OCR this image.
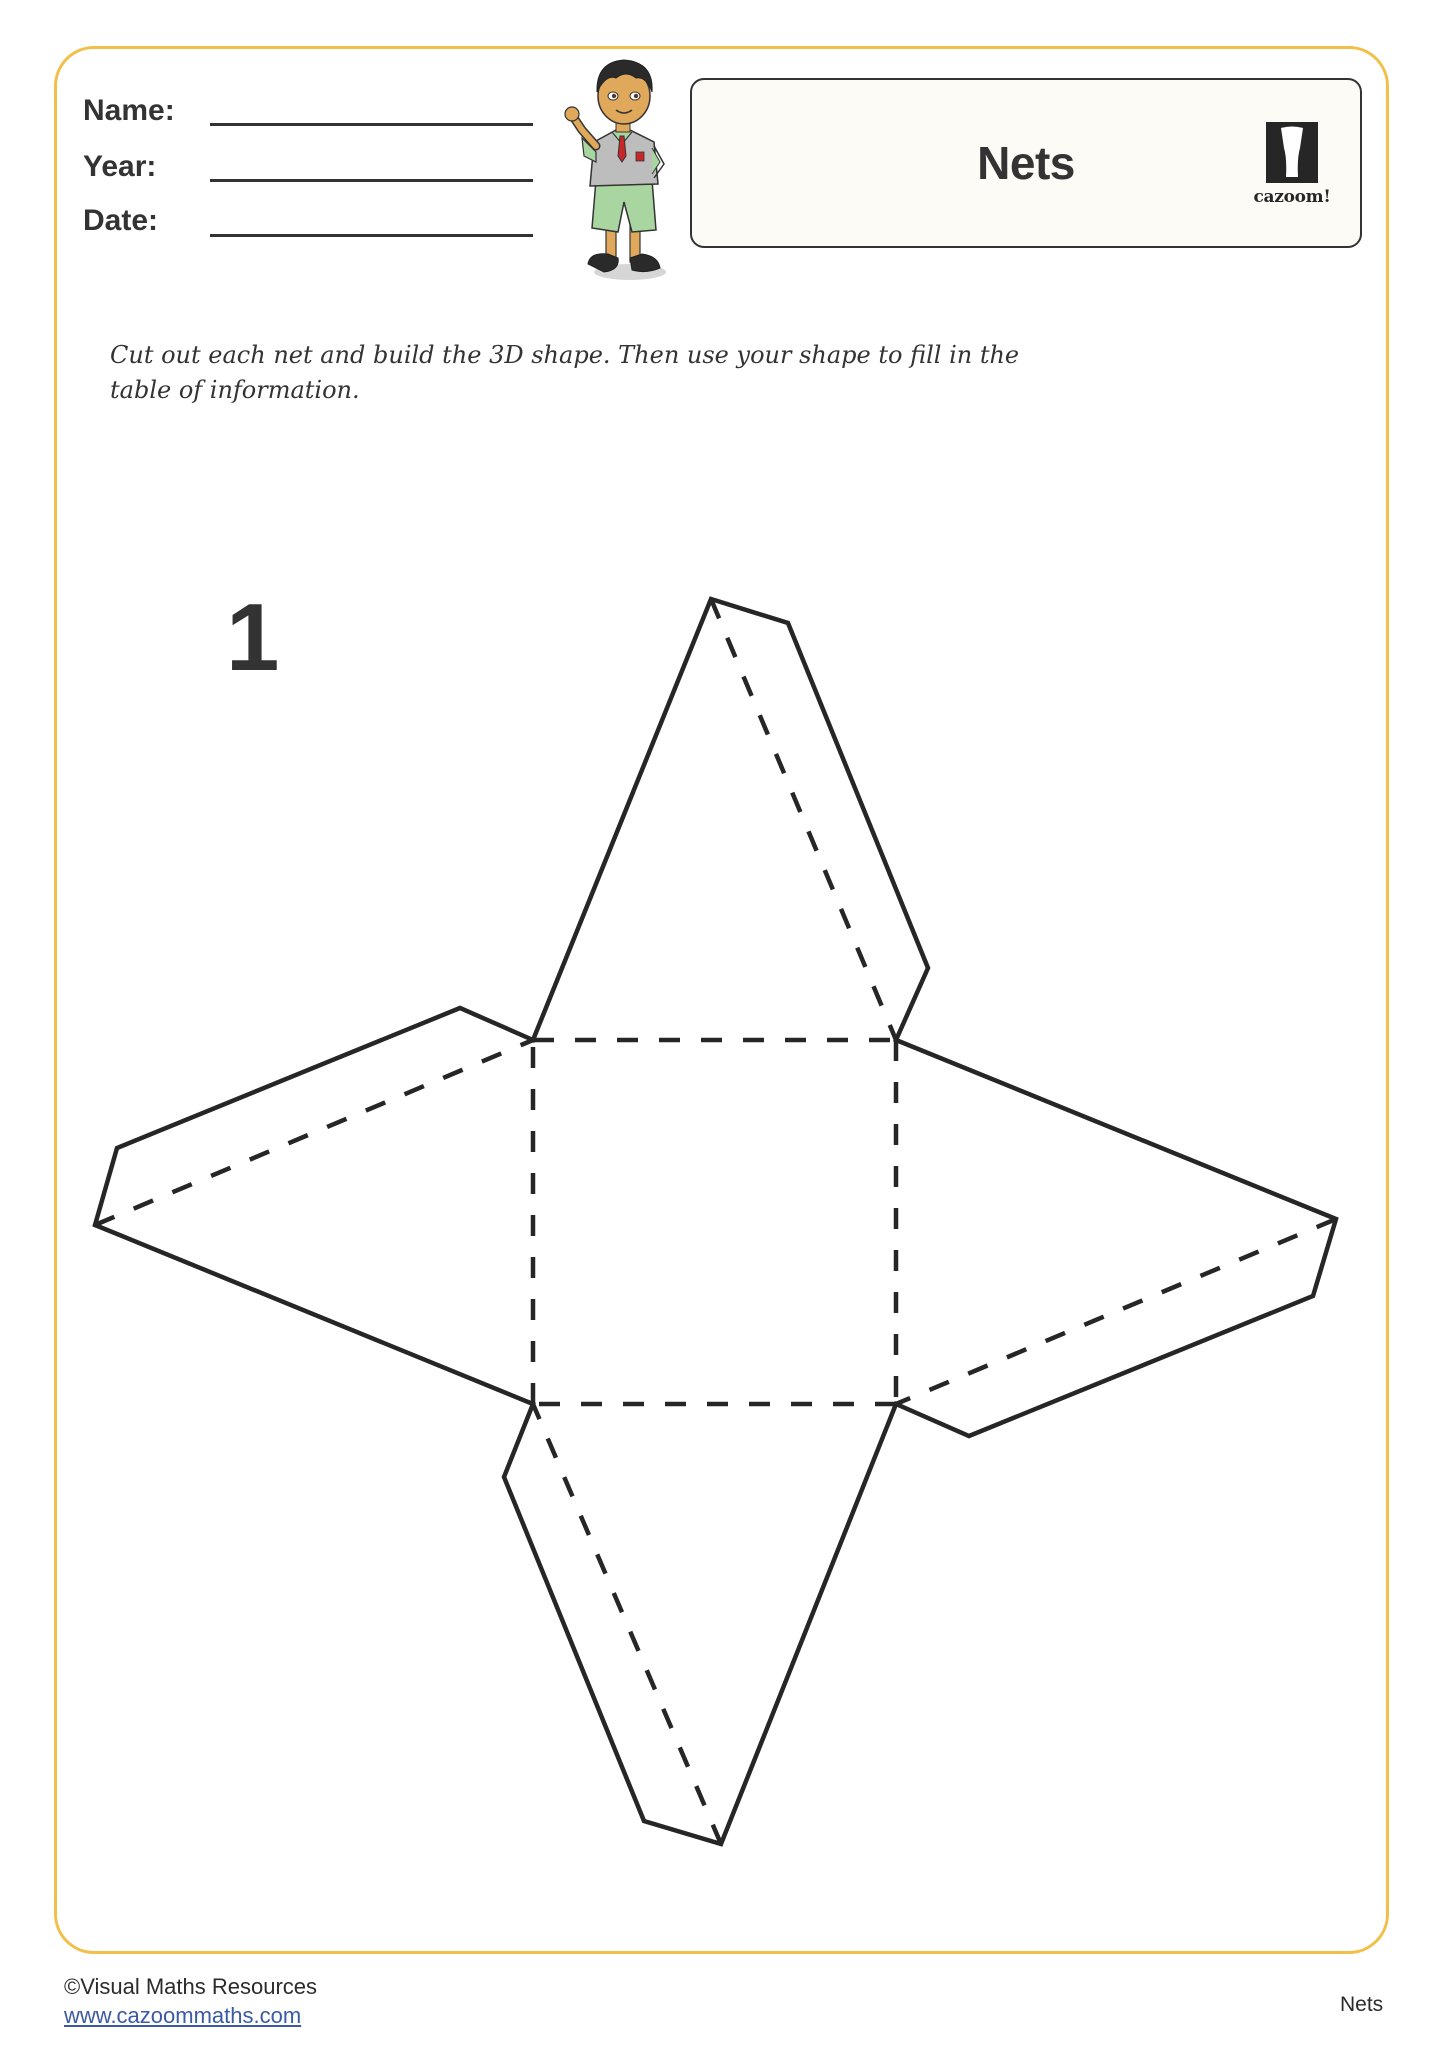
Name:
Year:
Date:
Nets
cazoom!
Cut out each net and build the 3D shape. Then use your shape to fill in the
table of information.
1
©Visual Maths Resources
www.cazoommaths.com	Nets
